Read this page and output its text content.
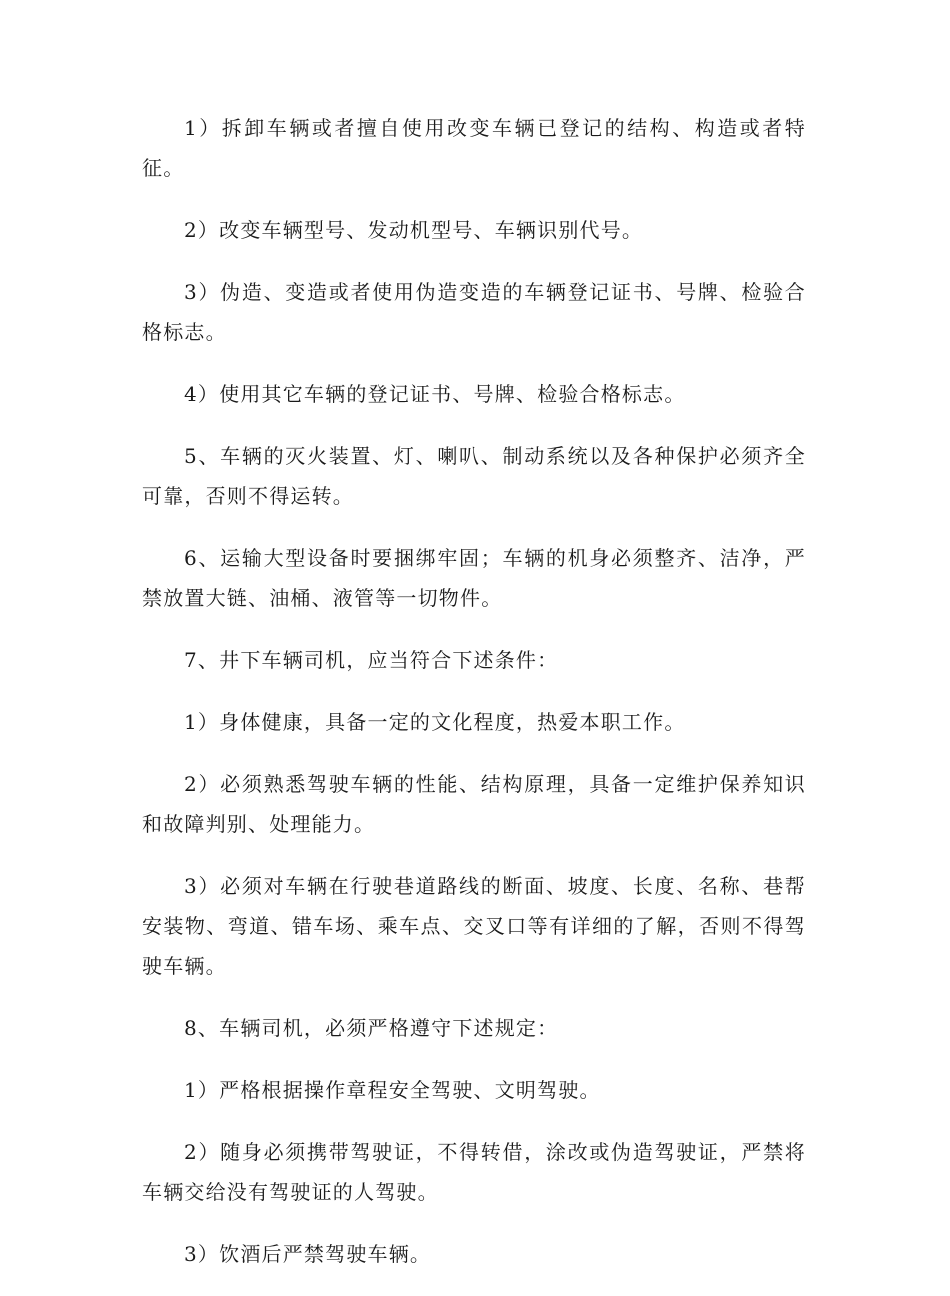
1）拆卸车辆或者擅自使用改变车辆已登记的结构、构造或者特征。

2）改变车辆型号、发动机型号、车辆识别代号。

3）伪造、变造或者使用伪造变造的车辆登记证书、号牌、检验合格标志。

4）使用其它车辆的登记证书、号牌、检验合格标志。

5、车辆的灭火装置、灯、喇叭、制动系统以及各种保护必须齐全可靠，否则不得运转。

6、运输大型设备时要捆绑牢固；车辆的机身必须整齐、洁净，严禁放置大链、油桶、液管等一切物件。

7、井下车辆司机，应当符合下述条件：

1）身体健康，具备一定的文化程度，热爱本职工作。

2）必须熟悉驾驶车辆的性能、结构原理，具备一定维护保养知识和故障判别、处理能力。

3）必须对车辆在行驶巷道路线的断面、坡度、长度、名称、巷帮安装物、弯道、错车场、乘车点、交叉口等有详细的了解，否则不得驾驶车辆。

8、车辆司机，必须严格遵守下述规定：

1）严格根据操作章程安全驾驶、文明驾驶。

2）随身必须携带驾驶证，不得转借，涂改或伪造驾驶证，严禁将车辆交给没有驾驶证的人驾驶。

3）饮酒后严禁驾驶车辆。
